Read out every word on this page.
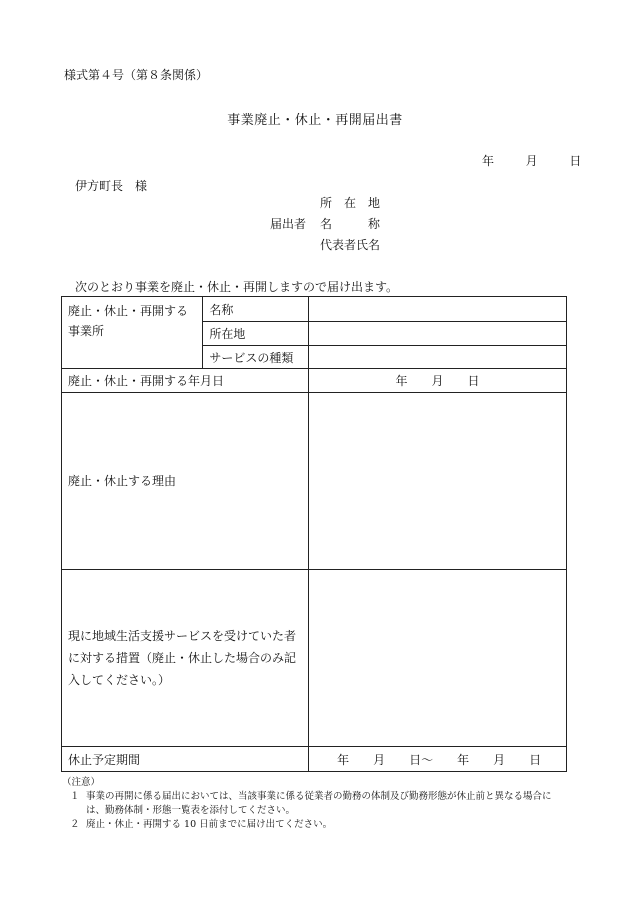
様式第４号（第８条関係）
事業廃止・休止・再開届出書
年	月	日
伊方町長　様
所　在　地
届出者 名　　　称
代表者氏名
次のとおり事業を廃止・休止・再開しますので届け出ます。
廃止・休止・再開する事業所	名称	
	所在地	
	サービスの種類	
廃止・休止・再開する年月日		年　　月　　日
廃止・休止する理由		
現に地域生活支援サービスを受けていた者に対する措置（廃止・休止した場合のみ記入してください。）		
休止予定期間		年　　月　　日～　　年　　月　　日
（注意）
１ 事業の再開に係る届出においては、当該事業に係る従業者の勤務の体制及び勤務形態が休止前と異なる場合には、勤務体制・形態一覧表を添付してください。
２ 廃止・休止・再開する 10 日前までに届け出てください。
